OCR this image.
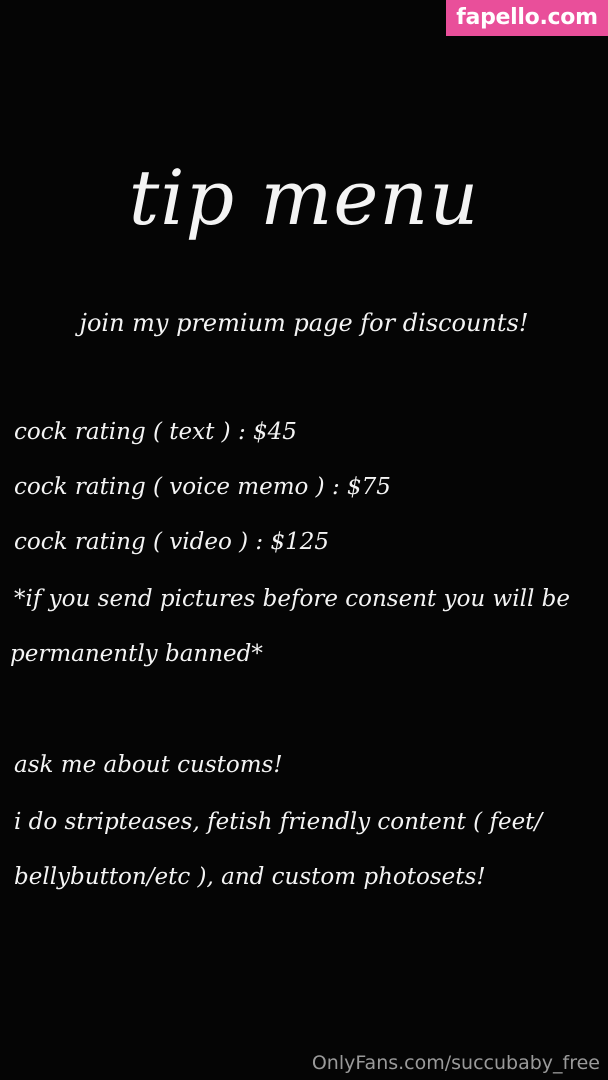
fapello.com
tip menu
join my premium page for discounts!
cock rating ( text ) : $45
cock rating ( voice memo ) : $75
cock rating ( video ) : $125
*if you send pictures before consent you will be
permanently banned*
ask me about customs!
i do stripteases, fetish friendly content ( feet/
bellybutton/etc ), and custom photosets!
OnlyFans.com/succubaby_free
